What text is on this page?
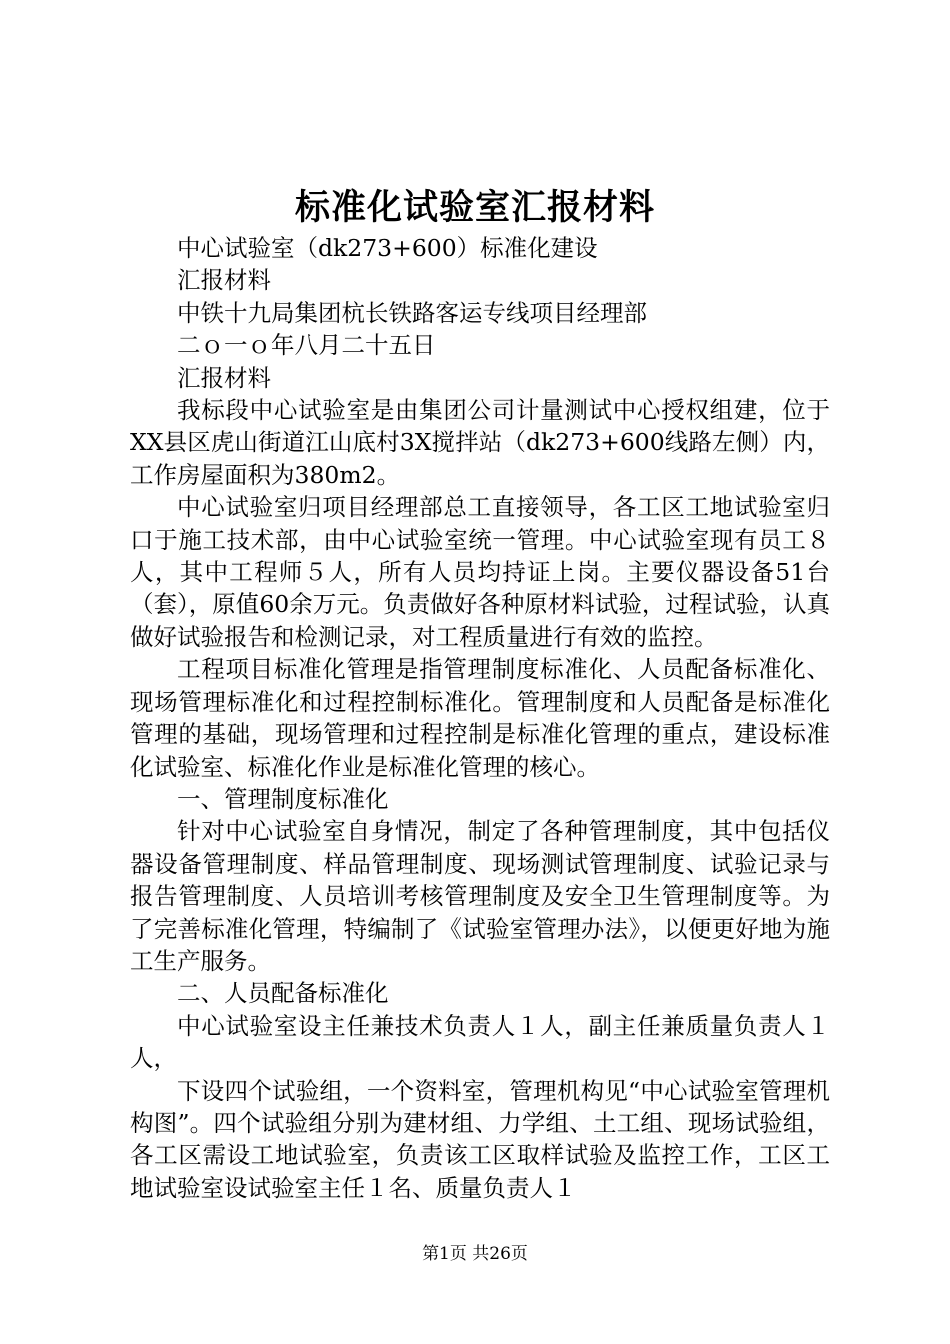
标准化试验室汇报材料

中心试验室（dk273+600）标准化建设

汇报材料

中铁十九局集团杭长铁路客运专线项目经理部

二ｏ一ｏ年八月二十五日

汇报材料

我标段中心试验室是由集团公司计量测试中心授权组建，位于XX县区虎山街道江山底村3X搅拌站（dk273+600线路左侧）内，工作房屋面积为380m2。

中心试验室归项目经理部总工直接领导，各工区工地试验室归口于施工技术部，由中心试验室统一管理。中心试验室现有员工８人，其中工程师５人，所有人员均持证上岗。主要仪器设备51台（套），原值60余万元。负责做好各种原材料试验，过程试验，认真做好试验报告和检测记录，对工程质量进行有效的监控。

工程项目标准化管理是指管理制度标准化、人员配备标准化、现场管理标准化和过程控制标准化。管理制度和人员配备是标准化管理的基础，现场管理和过程控制是标准化管理的重点，建设标准化试验室、标准化作业是标准化管理的核心。

一、管理制度标准化

针对中心试验室自身情况，制定了各种管理制度，其中包括仪器设备管理制度、样品管理制度、现场测试管理制度、试验记录与报告管理制度、人员培训考核管理制度及安全卫生管理制度等。为了完善标准化管理，特编制了《试验室管理办法》，以便更好地为施工生产服务。

二、人员配备标准化

中心试验室设主任兼技术负责人１人，副主任兼质量负责人１人，

下设四个试验组，一个资料室，管理机构见“中心试验室管理机构图”。四个试验组分别为建材组、力学组、土工组、现场试验组，各工区需设工地试验室，负责该工区取样试验及监控工作，工区工地试验室设试验室主任１名、质量负责人１

第1页 共26页
